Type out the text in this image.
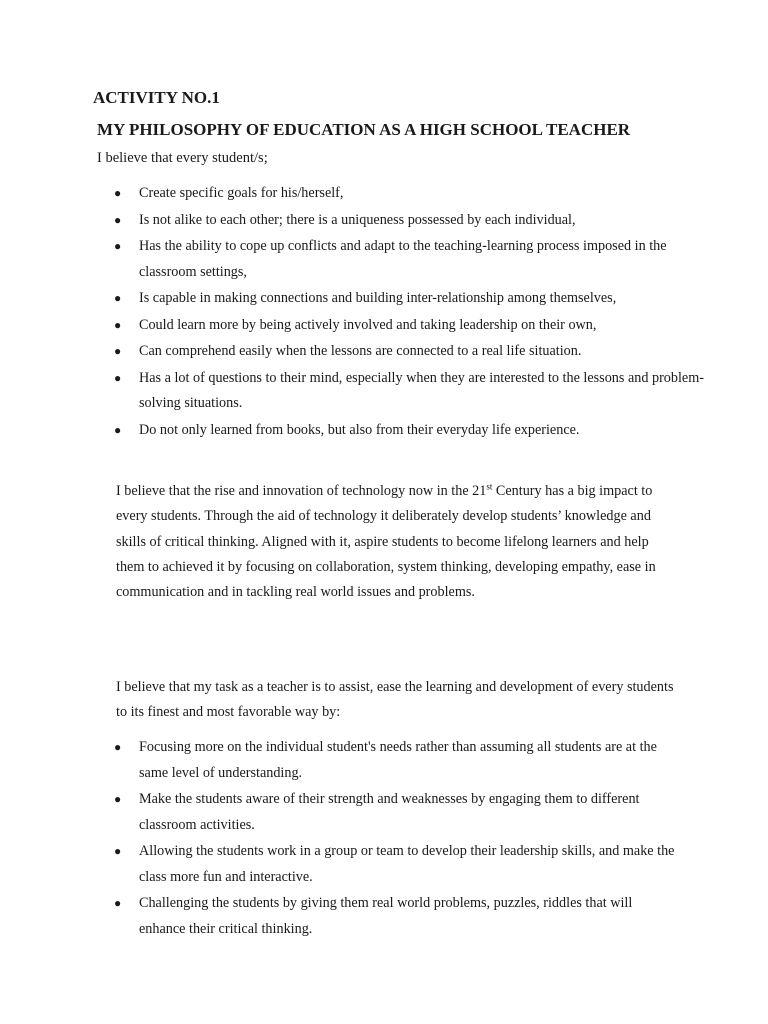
ACTIVITY NO.1
MY PHILOSOPHY OF EDUCATION AS A HIGH SCHOOL TEACHER

I believe that every student/s;

● Create specific goals for his/herself,
● Is not alike to each other; there is a uniqueness possessed by each individual,
● Has the ability to cope up conflicts and adapt to the teaching-learning process imposed in the classroom settings,
● Is capable in making connections and building inter-relationship among themselves,
● Could learn more by being actively involved and taking leadership on their own,
● Can comprehend easily when the lessons are connected to a real life situation.
● Has a lot of questions to their mind, especially when they are interested to the lessons and problem-solving situations.
● Do not only learned from books, but also from their everyday life experience.

I believe that the rise and innovation of technology now in the 21st Century has a big impact to every students. Through the aid of technology it deliberately develop students’ knowledge and skills of critical thinking. Aligned with it, aspire students to become lifelong learners and help them to achieved it by focusing on collaboration, system thinking, developing empathy, ease in communication and in tackling real world issues and problems.

I believe that my task as a teacher is to assist, ease the learning and development of every students to its finest and most favorable way by:

● Focusing more on the individual student's needs rather than assuming all students are at the same level of understanding.
● Make the students aware of their strength and weaknesses by engaging them to different classroom activities.
● Allowing the students work in a group or team to develop their leadership skills, and make the class more fun and interactive.
● Challenging the students by giving them real world problems, puzzles, riddles that will enhance their critical thinking.
